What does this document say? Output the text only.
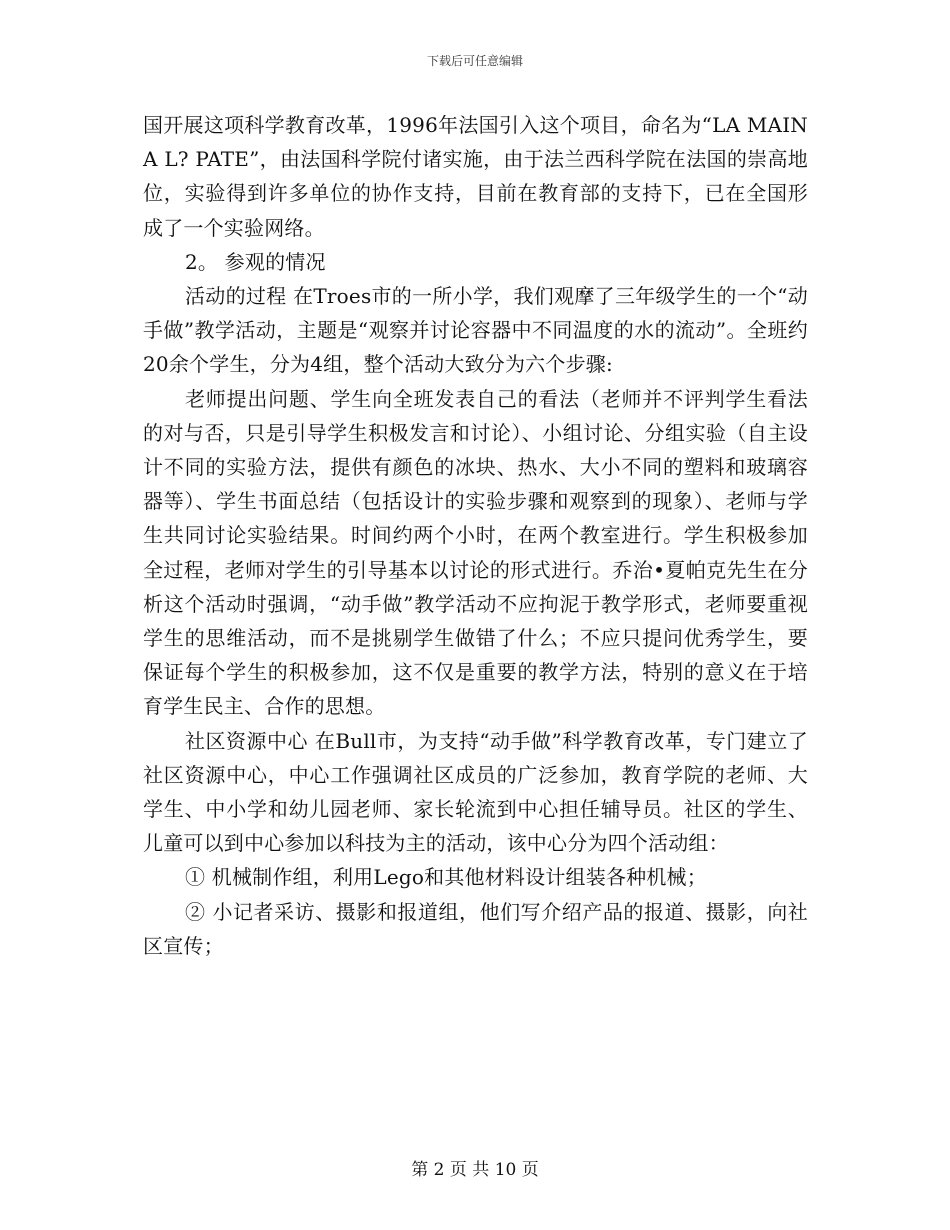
下载后可任意编辑

国开展这项科学教育改革，1996年法国引入这个项目，命名为“LA MAIN A L? PATE”，由法国科学院付诸实施，由于法兰西科学院在法国的崇高地位，实验得到许多单位的协作支持，目前在教育部的支持下，已在全国形成了一个实验网络。

2。 参观的情况

活动的过程 在Troes市的一所小学，我们观摩了三年级学生的一个“动手做”教学活动，主题是“观察并讨论容器中不同温度的水的流动”。全班约20余个学生，分为4组，整个活动大致分为六个步骤:

老师提出问题、学生向全班发表自己的看法（老师并不评判学生看法的对与否，只是引导学生积极发言和讨论）、小组讨论、分组实验（自主设计不同的实验方法，提供有颜色的冰块、热水、大小不同的塑料和玻璃容器等）、学生书面总结（包括设计的实验步骤和观察到的现象）、老师与学生共同讨论实验结果。时间约两个小时，在两个教室进行。学生积极参加全过程，老师对学生的引导基本以讨论的形式进行。乔治•夏帕克先生在分析这个活动时强调，“动手做”教学活动不应拘泥于教学形式，老师要重视学生的思维活动，而不是挑剔学生做错了什么；不应只提问优秀学生，要保证每个学生的积极参加，这不仅是重要的教学方法，特别的意义在于培育学生民主、合作的思想。

社区资源中心 在Bull市，为支持“动手做”科学教育改革，专门建立了社区资源中心，中心工作强调社区成员的广泛参加，教育学院的老师、大学生、中小学和幼儿园老师、家长轮流到中心担任辅导员。社区的学生、儿童可以到中心参加以科技为主的活动，该中心分为四个活动组：

① 机械制作组，利用Lego和其他材料设计组装各种机械；

② 小记者采访、摄影和报道组，他们写介绍产品的报道、摄影，向社区宣传；

第 2 页 共 10 页
